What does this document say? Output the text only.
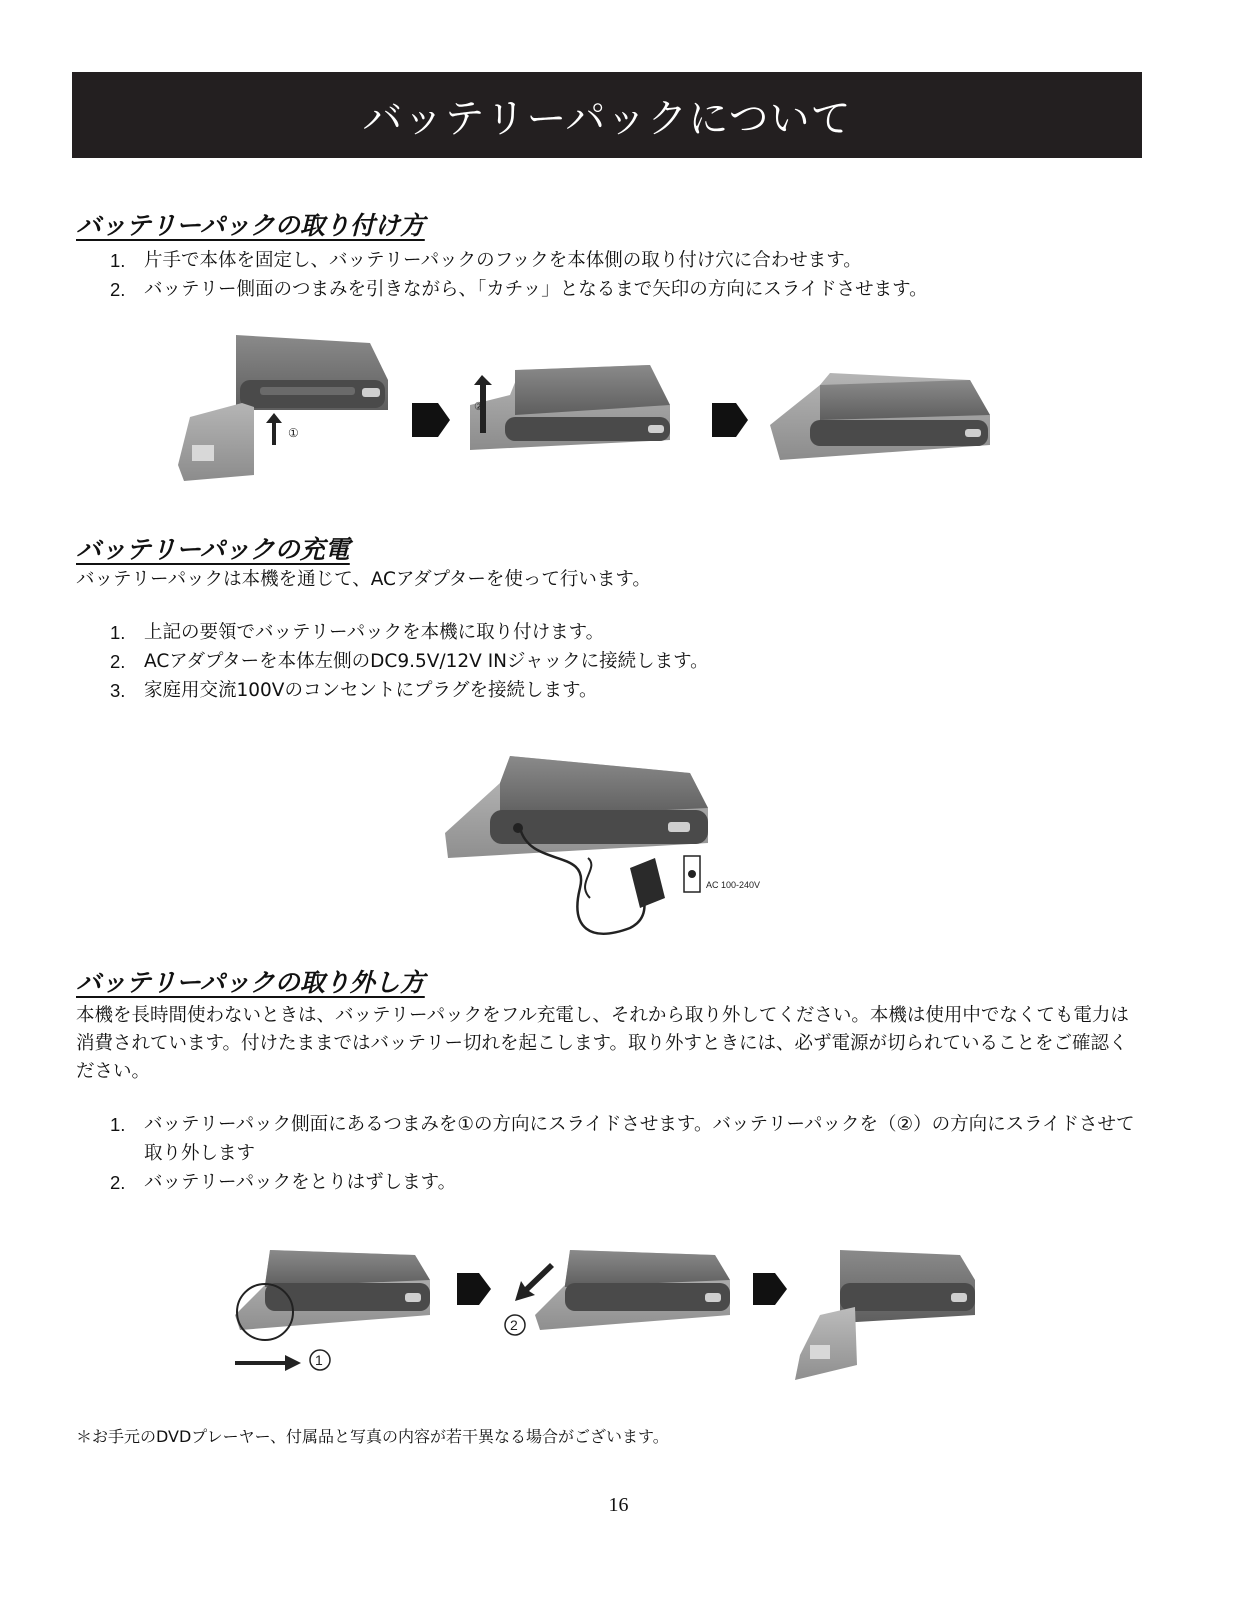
バッテリーパックについて
バッテリーパックの取り付け方
1.	片手で本体を固定し、バッテリーパックのフックを本体側の取り付け穴に合わせます。
2.	バッテリー側面のつまみを引きながら、「カチッ」となるまで矢印の方向にスライドさせます。
①
②
バッテリーパックの充電

バッテリーパックは本機を通じて、ACアダプターを使って行います。

1.	上記の要領でバッテリーパックを本機に取り付けます。
2.	ACアダプターを本体左側のDC9.5V/12V INジャックに接続します。
3.	家庭用交流100Vのコンセントにプラグを接続します。
AC 100-240V
バッテリーパックの取り外し方

本機を長時間使わないときは、バッテリーパックをフル充電し、それから取り外してください。本機は使用中でなくても電力は消費されています。付けたままではバッテリー切れを起こします。取り外すときには、必ず電源が切られていることをご確認ください。

1.	バッテリーパック側面にあるつまみを①の方向にスライドさせます。バッテリーパックを（②）の方向にスライドさせて取り外します
2.	バッテリーパックをとりはずします。
1
2
＊お手元のDVDプレーヤー、付属品と写真の内容が若干異なる場合がございます。
16
